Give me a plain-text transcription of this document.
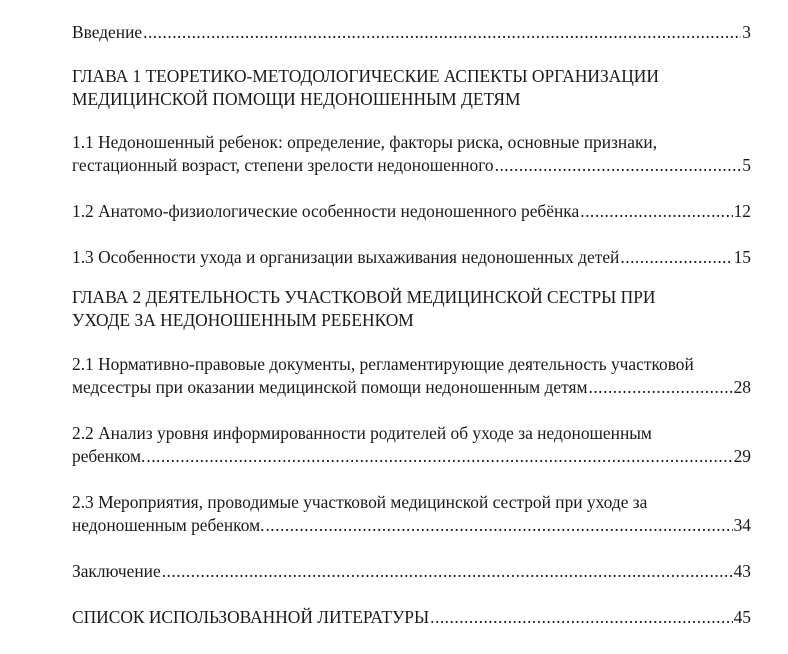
Введение .....	3
ГЛАВА 1 ТЕОРЕТИКО-МЕТОДОЛОГИЧЕСКИЕ АСПЕКТЫ ОРГАНИЗАЦИИ
МЕДИЦИНСКОЙ ПОМОЩИ НЕДОНОШЕННЫМ ДЕТЯМ
1.1 Недоношенный ребенок: определение, факторы риска, основные признаки,
гестационный возраст, степени зрелости недоношенного .....	5
1.2 Анатомо-физиологические особенности недоношенного ребёнка .....	12
1.3 Особенности ухода и организации выхаживания недоношенных детей .....	15
ГЛАВА 2 ДЕЯТЕЛЬНОСТЬ УЧАСТКОВОЙ МЕДИЦИНСКОЙ СЕСТРЫ ПРИ
УХОДЕ ЗА НЕДОНОШЕННЫМ РЕБЕНКОМ
2.1 Нормативно-правовые документы, регламентирующие деятельность участковой
медсестры при оказании медицинской помощи недоношенным детям .....	28
2.2 Анализ уровня информированности родителей об уходе за недоношенным
ребенком. .....	29
2.3 Мероприятия, проводимые участковой медицинской сестрой при уходе за
недоношенным ребенком. .....	34
Заключение .....	43
СПИСОК ИСПОЛЬЗОВАННОЙ ЛИТЕРАТУРЫ .....	45
